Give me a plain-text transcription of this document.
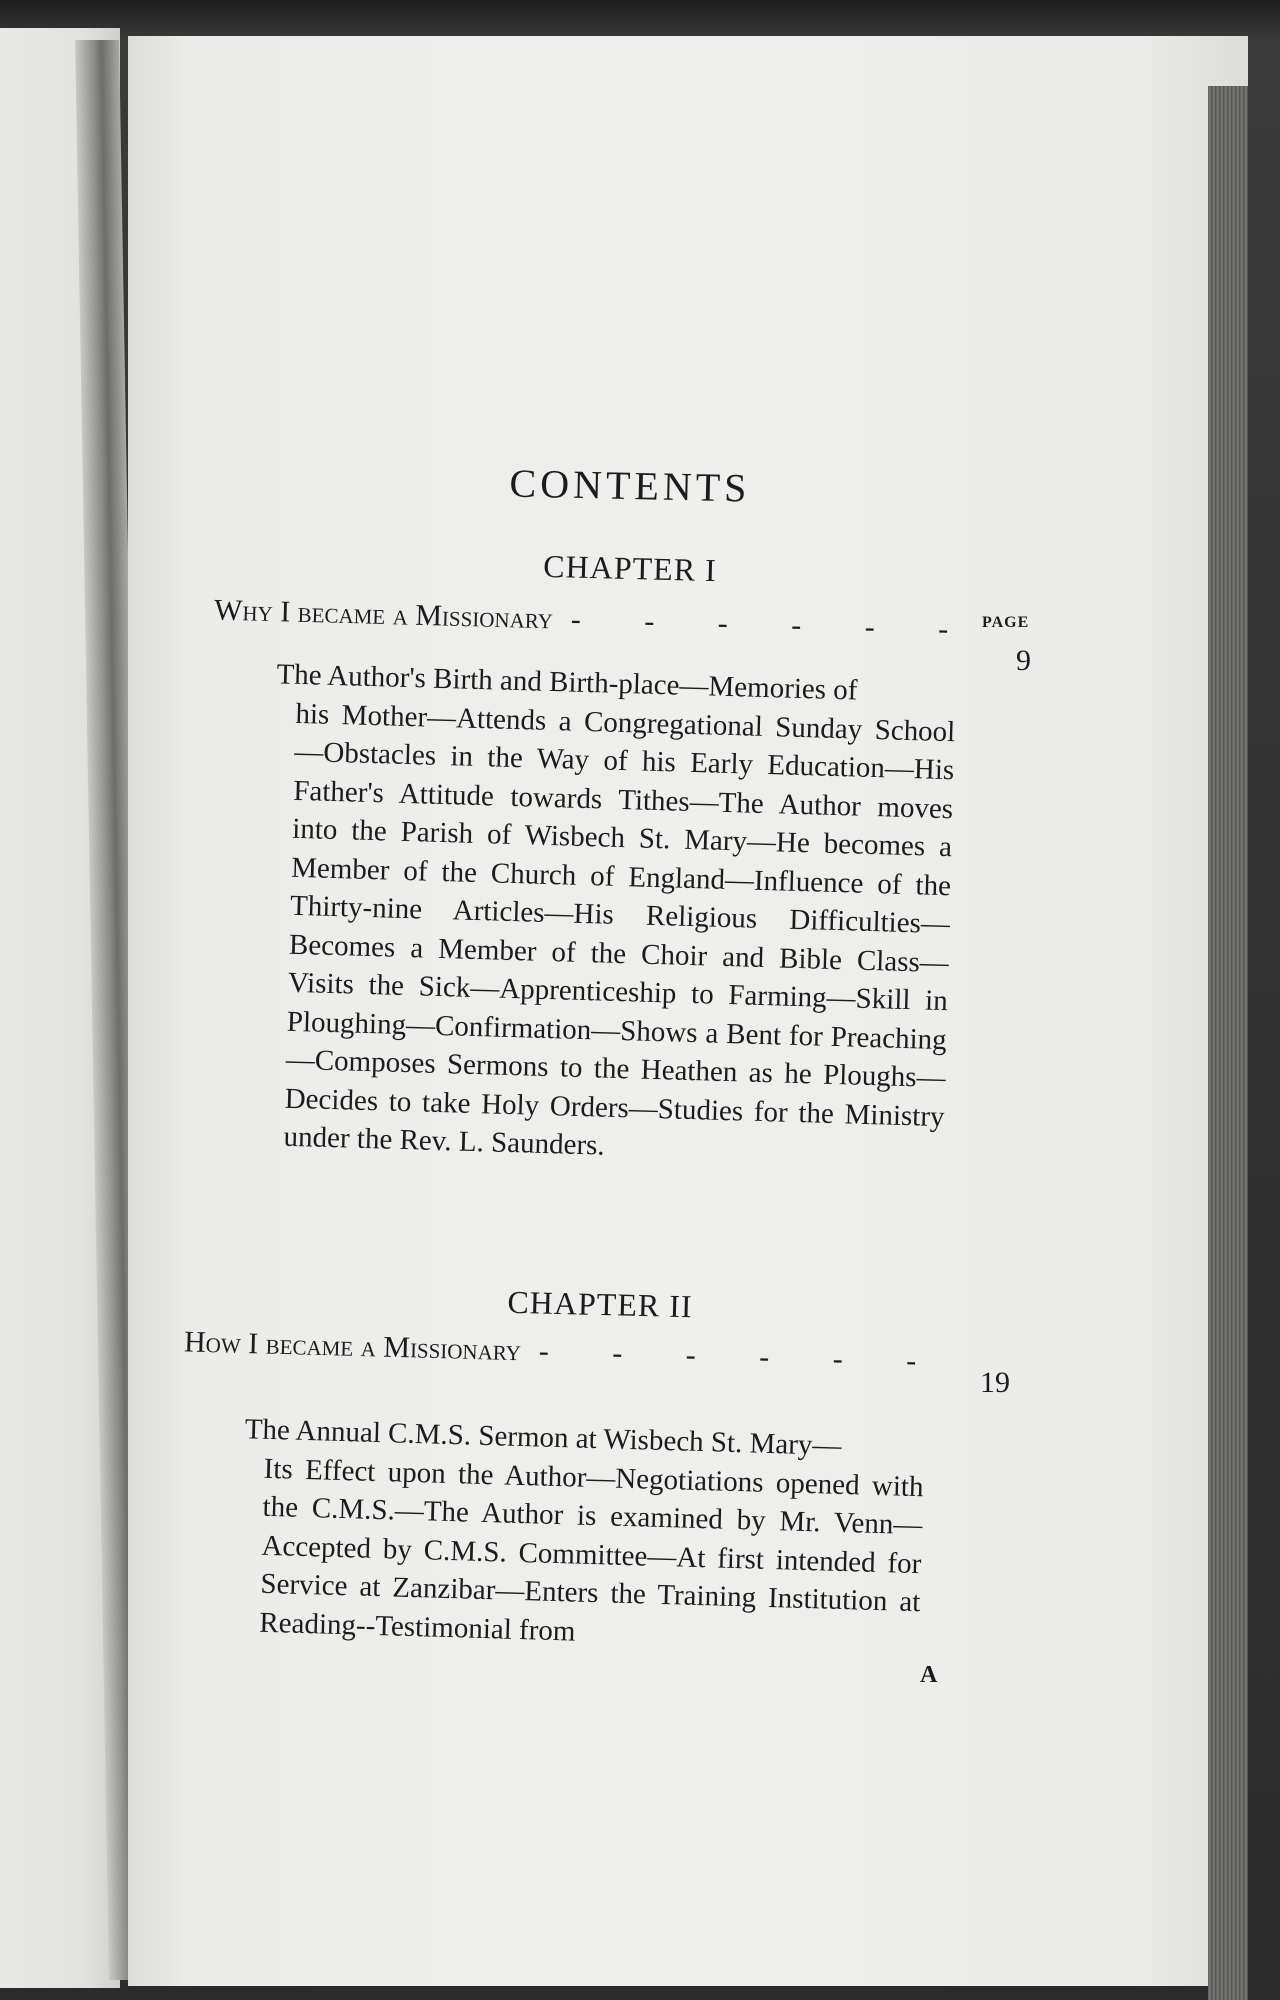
CONTENTS
CHAPTER I
PAGE
Why I became a Missionary - - - - - -
9
The Author's Birth and Birth-place—Memories of
his Mother—Attends a Congregational Sunday School—Obstacles in the Way of his Early Education—His Father's Attitude towards Tithes—The Author moves into the Parish of Wisbech St. Mary—He becomes a Member of the Church of England—Influence of the Thirty-nine Articles—His Religious Difficulties—Becomes a Member of the Choir and Bible Class—Visits the Sick—Apprenticeship to Farming—Skill in Ploughing—Confirmation—Shows a Bent for Preaching—Composes Sermons to the Heathen as he Ploughs—Decides to take Holy Orders—Studies for the Ministry under the Rev. L. Saunders.
CHAPTER II
How I became a Missionary - - - - - -
19
The Annual C.M.S. Sermon at Wisbech St. Mary—
Its Effect upon the Author—Negotiations opened with the C.M.S.—The Author is examined by Mr. Venn—Accepted by C.M.S. Committee—At first intended for Service at Zanzibar—Enters the Training Institution at Reading--Testimonial from
A
